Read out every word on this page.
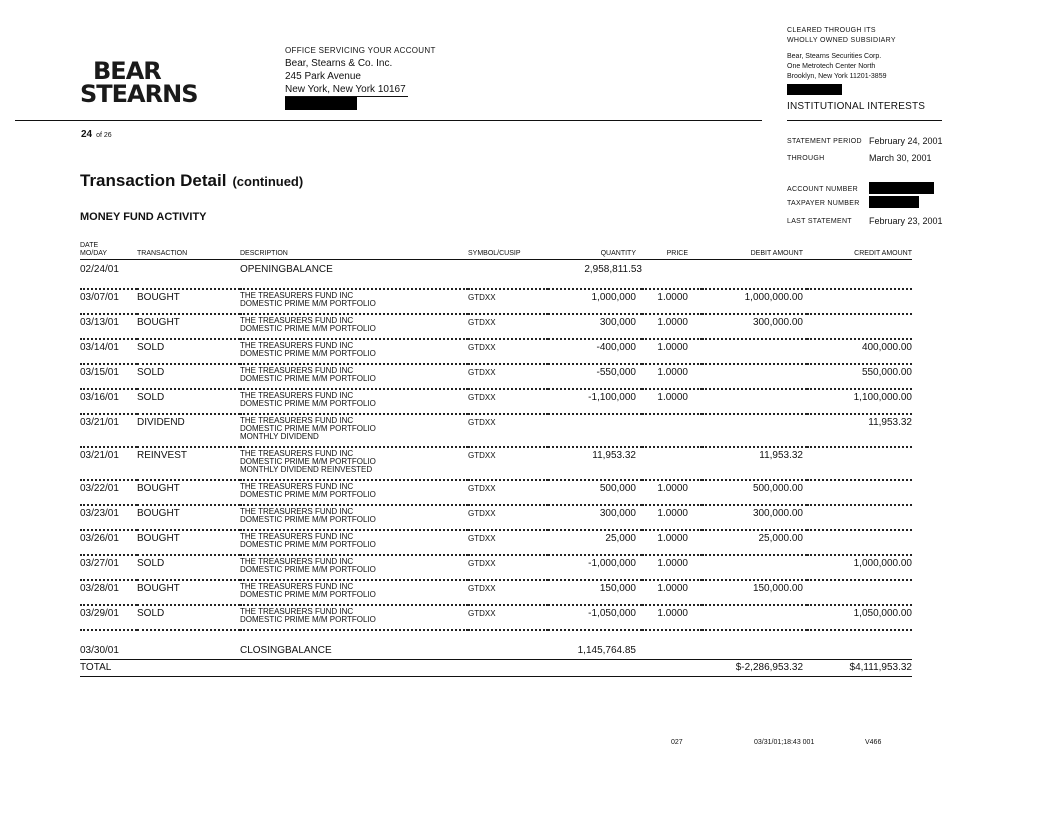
BEAR
STEARNS
OFFICE SERVICING YOUR ACCOUNT
Bear, Stearns & Co. Inc.
245 Park Avenue
New York, New York 10167
CLEARED THROUGH ITS
WHOLLY OWNED SUBSIDIARY
Bear, Stearns Securities Corp.
One Metrotech Center North
Brooklyn, New York 11201-3859
INSTITUTIONAL INTERESTS
24 of 26
STATEMENT PERIOD February 24, 2001
THROUGH	March 30, 2001
ACCOUNT NUMBER
TAXPAYER NUMBER
LAST STATEMENT February 23, 2001
Transaction Detail (continued)
MONEY FUND ACTIVITY
DATE
MO/DAY	TRANSACTION	DESCRIPTION	SYMBOL/CUSIP	QUANTITY	PRICE	DEBIT AMOUNT	CREDIT AMOUNT
02/24/01		OPENINGBALANCE		2,958,811.53			
03/07/01	BOUGHT	THE TREASURERS FUND INC
DOMESTIC PRIME M/M PORTFOLIO	GTDXX	1,000,000	1.0000	1,000,000.00	
03/13/01	BOUGHT	THE TREASURERS FUND INC
DOMESTIC PRIME M/M PORTFOLIO	GTDXX	300,000	1.0000	300,000.00	
03/14/01	SOLD	THE TREASURERS FUND INC
DOMESTIC PRIME M/M PORTFOLIO	GTDXX	-400,000	1.0000		400,000.00
03/15/01	SOLD	THE TREASURERS FUND INC
DOMESTIC PRIME M/M PORTFOLIO	GTDXX	-550,000	1.0000		550,000.00
03/16/01	SOLD	THE TREASURERS FUND INC
DOMESTIC PRIME M/M PORTFOLIO	GTDXX	-1,100,000	1.0000		1,100,000.00
03/21/01	DIVIDEND	THE TREASURERS FUND INC
DOMESTIC PRIME M/M PORTFOLIO
MONTHLY DIVIDEND	GTDXX				11,953.32
03/21/01	REINVEST	THE TREASURERS FUND INC
DOMESTIC PRIME M/M PORTFOLIO
MONTHLY DIVIDEND REINVESTED	GTDXX	11,953.32		11,953.32	
03/22/01	BOUGHT	THE TREASURERS FUND INC
DOMESTIC PRIME M/M PORTFOLIO	GTDXX	500,000	1.0000	500,000.00	
03/23/01	BOUGHT	THE TREASURERS FUND INC
DOMESTIC PRIME M/M PORTFOLIO	GTDXX	300,000	1.0000	300,000.00	
03/26/01	BOUGHT	THE TREASURERS FUND INC
DOMESTIC PRIME M/M PORTFOLIO	GTDXX	25,000	1.0000	25,000.00	
03/27/01	SOLD	THE TREASURERS FUND INC
DOMESTIC PRIME M/M PORTFOLIO	GTDXX	-1,000,000	1.0000		1,000,000.00
03/28/01	BOUGHT	THE TREASURERS FUND INC
DOMESTIC PRIME M/M PORTFOLIO	GTDXX	150,000	1.0000	150,000.00	
03/29/01	SOLD	THE TREASURERS FUND INC
DOMESTIC PRIME M/M PORTFOLIO	GTDXX	-1,050,000	1.0000		1,050,000.00
03/30/01		CLOSINGBALANCE		1,145,764.85			
TOTAL						$-2,286,953.32	$4,111,953.32
027	03/31/01;18:43 001	V466
